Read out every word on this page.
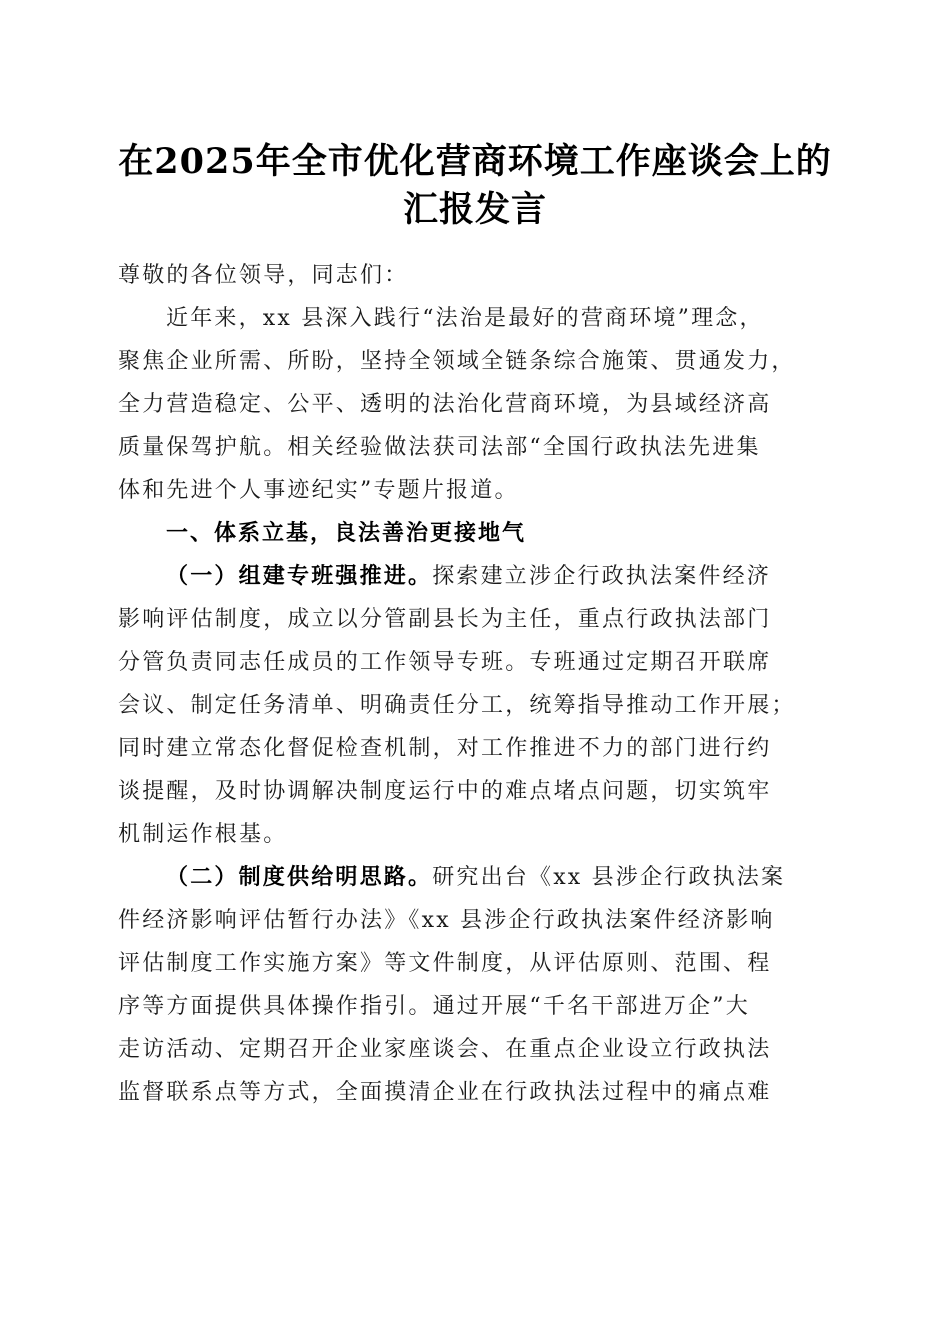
在2025年全市优化营商环境工作座谈会上的
汇报发言
尊敬的各位领导，同志们：
近年来，xx 县深入践行“法治是最好的营商环境”理念，
聚焦企业所需、所盼，坚持全领域全链条综合施策、贯通发力，
全力营造稳定、公平、透明的法治化营商环境，为县域经济高
质量保驾护航。相关经验做法获司法部“全国行政执法先进集
体和先进个人事迹纪实”专题片报道。
一、体系立基，良法善治更接地气
（一）组建专班强推进。探索建立涉企行政执法案件经济
影响评估制度，成立以分管副县长为主任，重点行政执法部门
分管负责同志任成员的工作领导专班。专班通过定期召开联席
会议、制定任务清单、明确责任分工，统筹指导推动工作开展；
同时建立常态化督促检查机制，对工作推进不力的部门进行约
谈提醒，及时协调解决制度运行中的难点堵点问题，切实筑牢
机制运作根基。
（二）制度供给明思路。研究出台《xx 县涉企行政执法案
件经济影响评估暂行办法》《xx 县涉企行政执法案件经济影响
评估制度工作实施方案》等文件制度，从评估原则、范围、程
序等方面提供具体操作指引。通过开展“千名干部进万企”大
走访活动、定期召开企业家座谈会、在重点企业设立行政执法
监督联系点等方式，全面摸清企业在行政执法过程中的痛点难
